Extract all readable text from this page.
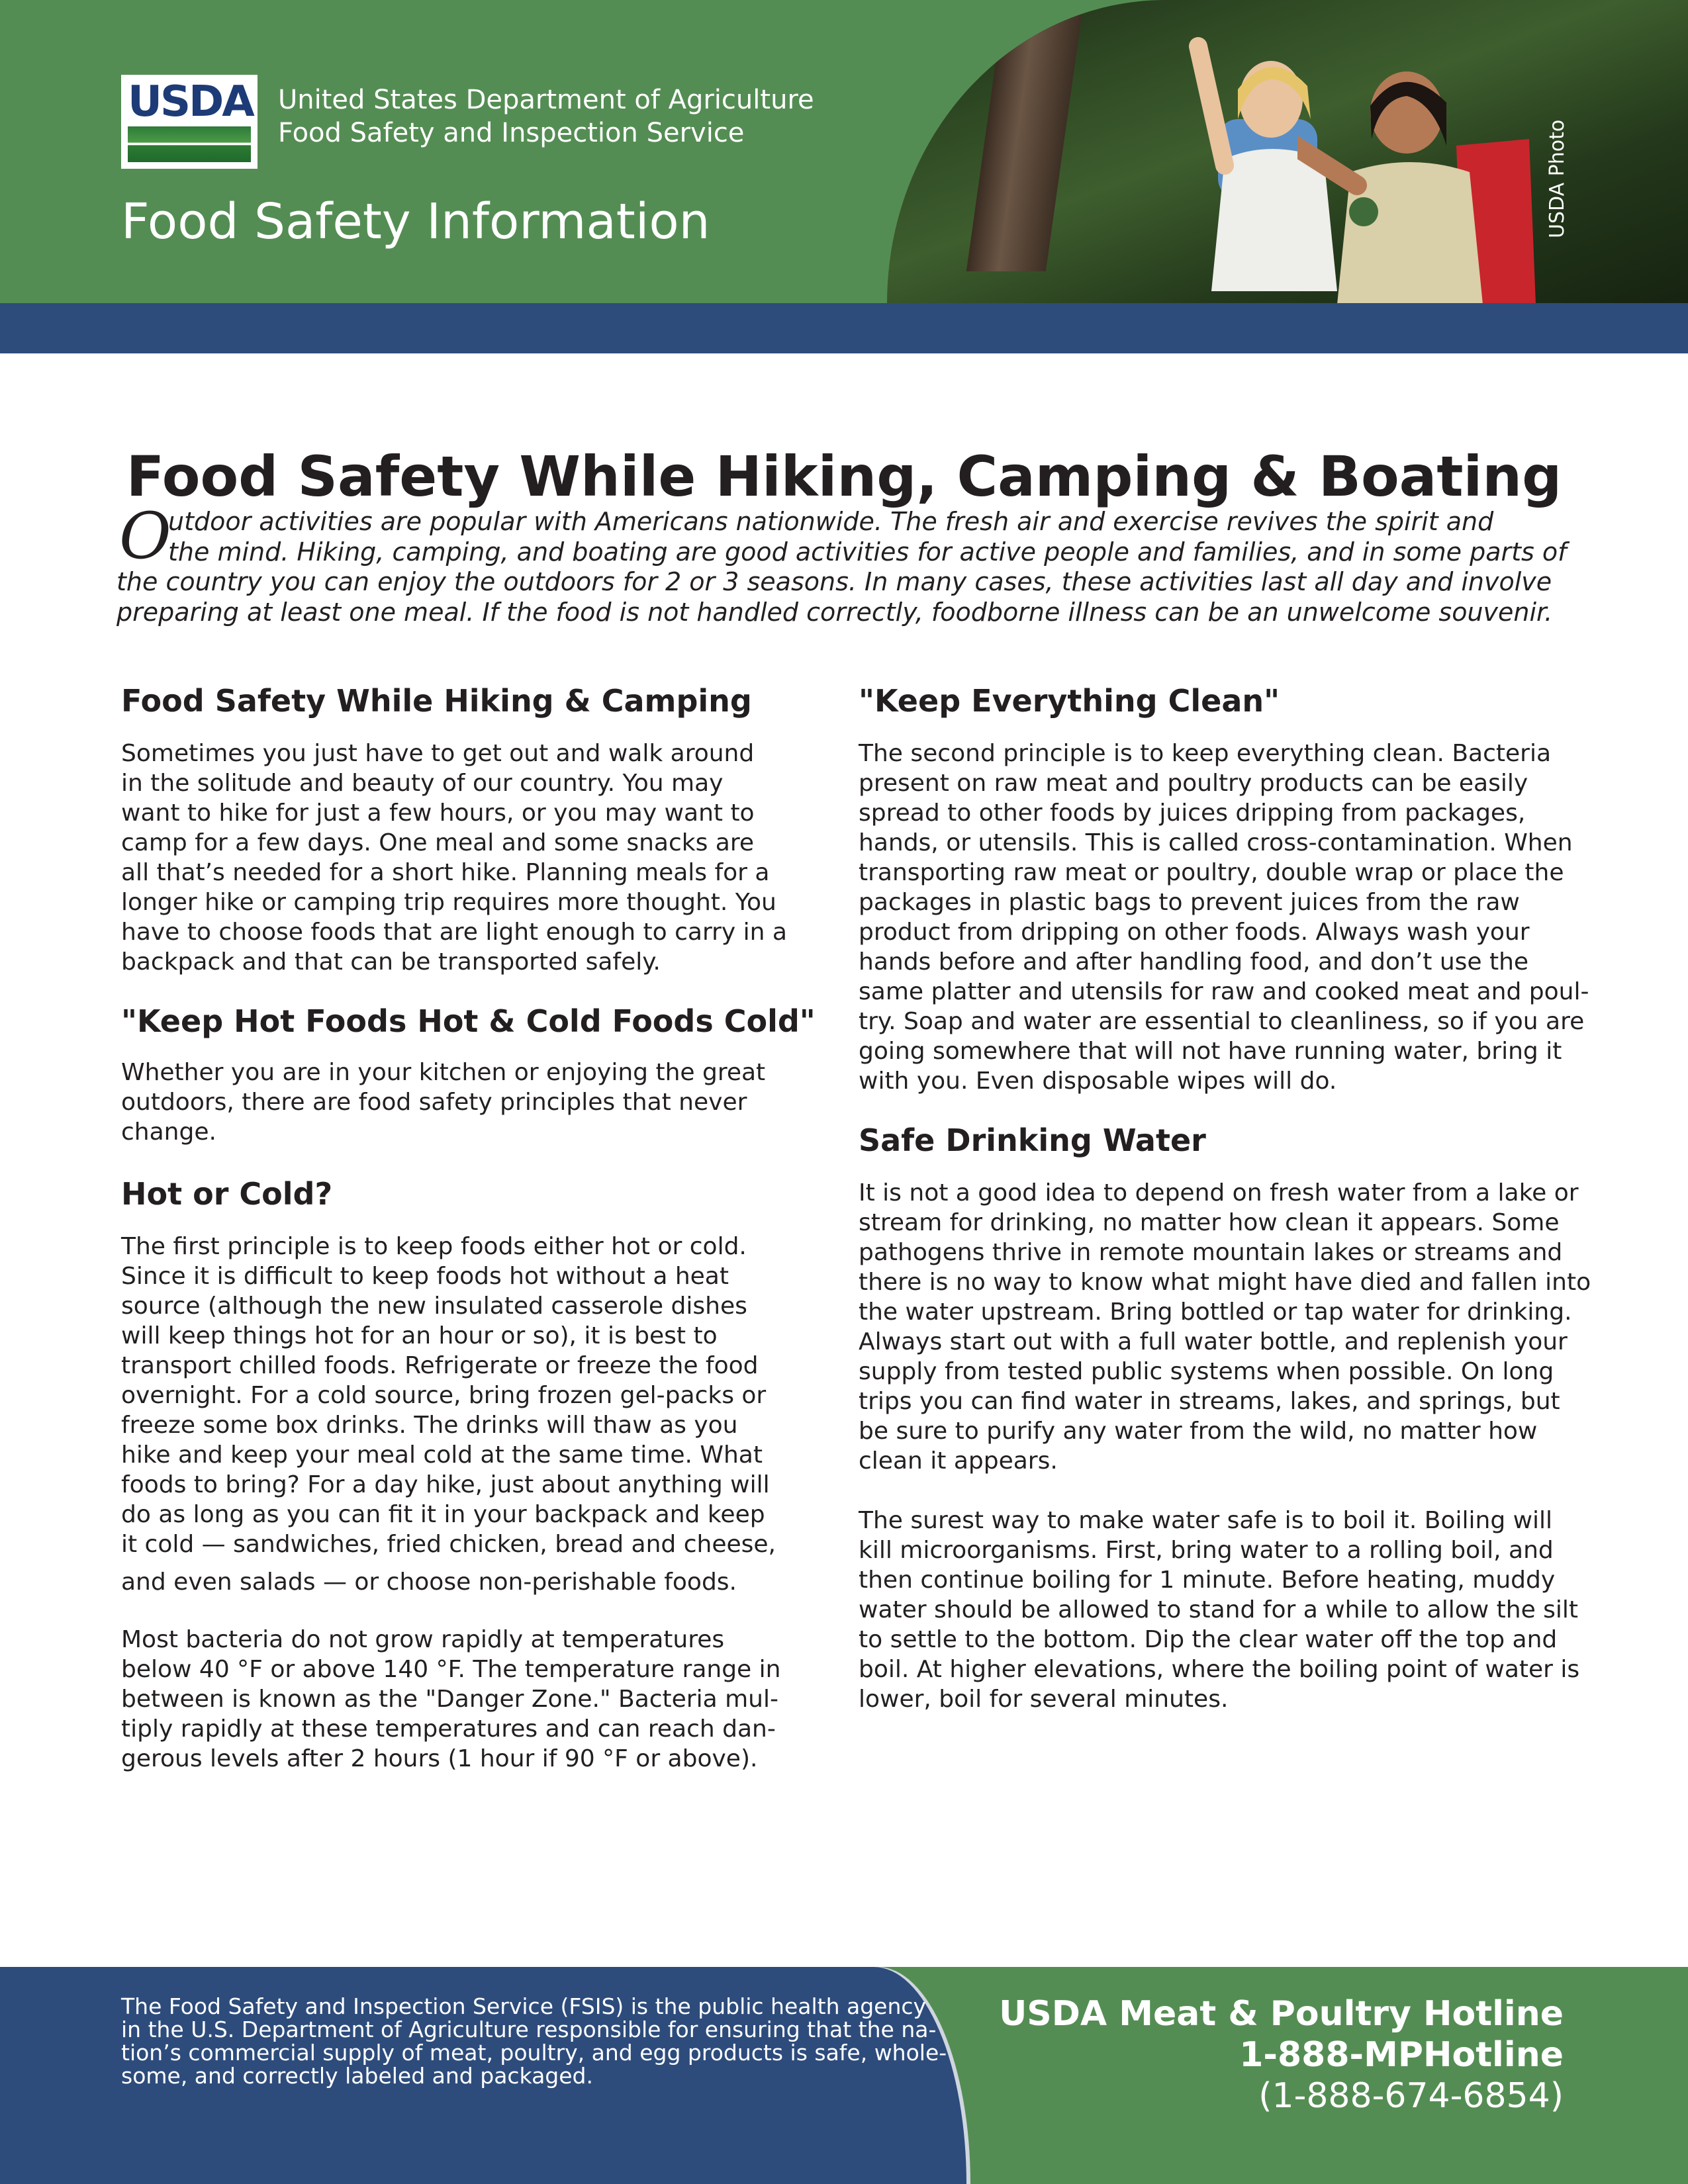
USDA United States Department of Agriculture
Food Safety and Inspection Service
Food Safety Information	USDA Photo
Food Safety While Hiking, Camping & Boating
O
utdoor activities are popular with Americans nationwide. The fresh air and exercise revives the spirit and
the mind. Hiking, camping, and boating are good activities for active people and families, and in some parts of
the country you can enjoy the outdoors for 2 or 3 seasons. In many cases, these activities last all day and involve
preparing at least one meal. If the food is not handled correctly, foodborne illness can be an unwelcome souvenir.
Food Safety While Hiking & Camping

Sometimes you just have to get out and walk around
in the solitude and beauty of our country. You may
want to hike for just a few hours, or you may want to
camp for a few days. One meal and some snacks are
all that’s needed for a short hike. Planning meals for a
longer hike or camping trip requires more thought. You
have to choose foods that are light enough to carry in a
backpack and that can be transported safely.

"Keep Hot Foods Hot & Cold Foods Cold"

Whether you are in your kitchen or enjoying the great
outdoors, there are food safety principles that never
change.

Hot or Cold?

The first principle is to keep foods either hot or cold.
Since it is difficult to keep foods hot without a heat
source (although the new insulated casserole dishes
will keep things hot for an hour or so), it is best to
transport chilled foods. Refrigerate or freeze the food
overnight. For a cold source, bring frozen gel-packs or
freeze some box drinks. The drinks will thaw as you
hike and keep your meal cold at the same time. What
foods to bring? For a day hike, just about anything will
do as long as you can fit it in your backpack and keep
it cold — sandwiches, fried chicken, bread and cheese,
and even salads — or choose non-perishable foods.

Most bacteria do not grow rapidly at temperatures
below 40 °F or above 140 °F. The temperature range in
between is known as the "Danger Zone." Bacteria mul-
tiply rapidly at these temperatures and can reach dan-
gerous levels after 2 hours (1 hour if 90 °F or above).

"Keep Everything Clean"

The second principle is to keep everything clean. Bacteria
present on raw meat and poultry products can be easily
spread to other foods by juices dripping from packages,
hands, or utensils. This is called cross-contamination. When
transporting raw meat or poultry, double wrap or place the
packages in plastic bags to prevent juices from the raw
product from dripping on other foods. Always wash your
hands before and after handling food, and don’t use the
same platter and utensils for raw and cooked meat and poul-
try. Soap and water are essential to cleanliness, so if you are
going somewhere that will not have running water, bring it
with you. Even disposable wipes will do.

Safe Drinking Water

It is not a good idea to depend on fresh water from a lake or
stream for drinking, no matter how clean it appears. Some
pathogens thrive in remote mountain lakes or streams and
there is no way to know what might have died and fallen into
the water upstream. Bring bottled or tap water for drinking.
Always start out with a full water bottle, and replenish your
supply from tested public systems when possible. On long
trips you can find water in streams, lakes, and springs, but
be sure to purify any water from the wild, no matter how
clean it appears.

The surest way to make water safe is to boil it. Boiling will
kill microorganisms. First, bring water to a rolling boil, and
then continue boiling for 1 minute. Before heating, muddy
water should be allowed to stand for a while to allow the silt
to settle to the bottom. Dip the clear water off the top and
boil. At higher elevations, where the boiling point of water is
lower, boil for several minutes.

The Food Safety and Inspection Service (FSIS) is the public health agency
in the U.S. Department of Agriculture responsible for ensuring that the na-
tion’s commercial supply of meat, poultry, and egg products is safe, whole-
some, and correctly labeled and packaged.
USDA Meat & Poultry Hotline
1-888-MPHotline
(1-888-674-6854)
